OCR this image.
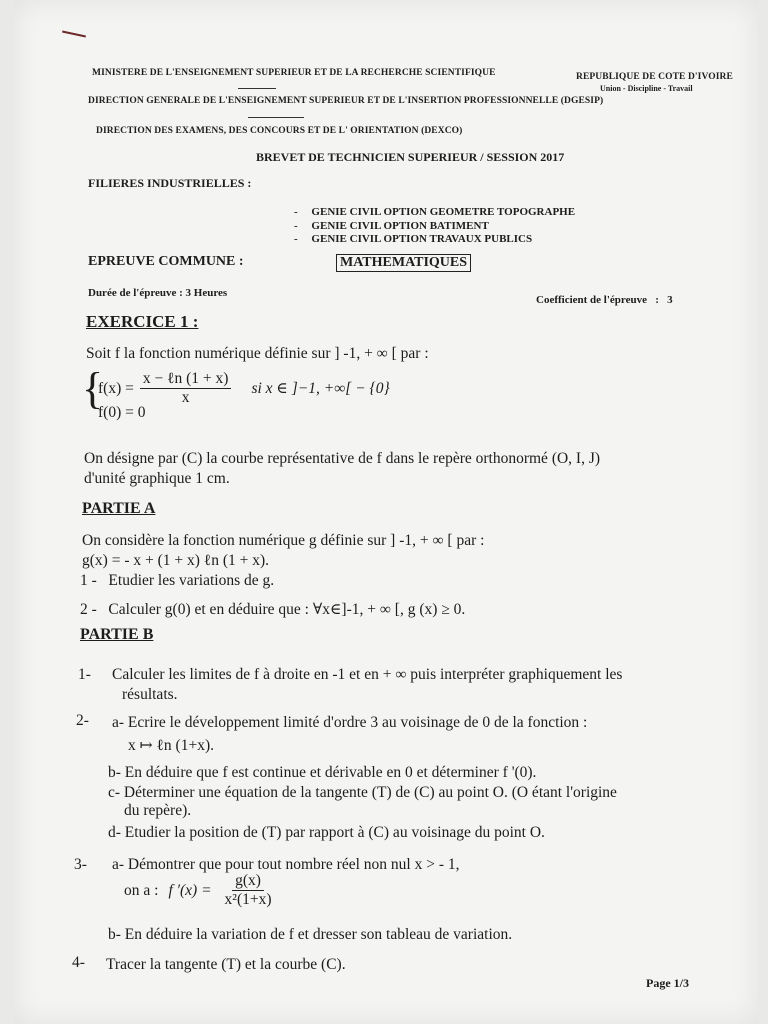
MINISTERE DE L'ENSEIGNEMENT SUPERIEUR ET DE LA RECHERCHE SCIENTIFIQUE	REPUBLIQUE DE COTE D'IVOIRE
Union - Discipline - Travail
DIRECTION GENERALE DE L'ENSEIGNEMENT SUPERIEUR ET DE L'INSERTION PROFESSIONNELLE (DGESIP)
DIRECTION DES EXAMENS, DES CONCOURS ET DE L' ORIENTATION (DEXCO)
BREVET DE TECHNICIEN SUPERIEUR / SESSION 2017
FILIERES INDUSTRIELLES :
-     GENIE CIVIL OPTION GEOMETRE TOPOGRAPHE
-     GENIE CIVIL OPTION BATIMENT
-     GENIE CIVIL OPTION TRAVAUX PUBLICS
EPREUVE COMMUNE :	MATHEMATIQUES
Durée de l'épreuve : 3 Heures
Coefficient de l'épreuve   :   3
EXERCICE 1 :
Soit f la fonction numérique définie sur ] -1, + ∞ [ par :
{
$f(x) = \frac{\text{x − ℓn (1 + x)}}{x}$ si x ∈ ]−1, +∞[ − {0}
f(0) = 0
On désigne par (C) la courbe représentative de f dans le repère orthonormé (O, I, J)
d'unité graphique 1 cm.
PARTIE A
On considère la fonction numérique g définie sur ] -1, + ∞ [ par :
g(x) = - x + (1 + x) ℓn (1 + x).
1 - Etudier les variations de g.
2 - Calculer g(0) et en déduire que : ∀x∈]-1, + ∞ [, g (x) ≥ 0.
PARTIE B
1- Calculer les limites de f à droite en -1 et en + ∞ puis interpréter graphiquement les
résultats.
2- a- Ecrire le développement limité d'ordre 3 au voisinage de 0 de la fonction :
x ↦ ℓn (1+x).
b- En déduire que f est continue et dérivable en 0 et déterminer f '(0).
c- Déterminer une équation de la tangente (T) de (C) au point O. (O étant l'origine
du repère).
d- Etudier la position de (T) par rapport à (C) au voisinage du point O.
3- a- Démontrer que pour tout nombre réel non nul x > - 1,
on a : f $'(x) = \frac{g(x)}{\text{x²(1+x)}}$
b- En déduire la variation de f et dresser son tableau de variation.
4- Tracer la tangente (T) et la courbe (C).
Page 1/3
